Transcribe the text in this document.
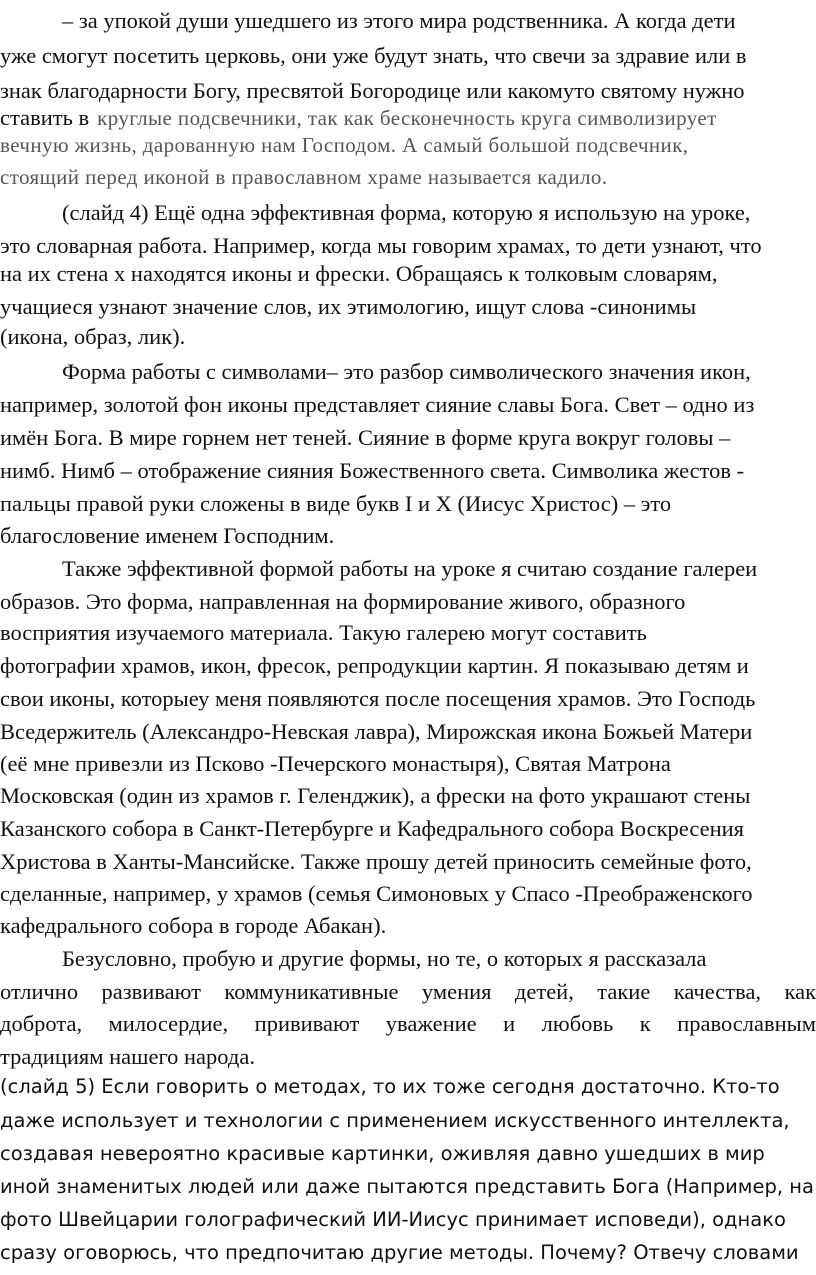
– за упокой души ушедшего из этого мира родственника. А когда дети
уже смогут посетить церковь, они уже будут знать, что свечи за здравие или в
знак благодарности Богу, пресвятой Богородице или какомуто святому нужно
ставить в круглые подсвечники, так как бесконечность круга символизирует
вечную жизнь, дарованную нам Господом. А самый большой подсвечник,
стоящий перед иконой в православном храме называется кадило.
(слайд 4) Ещё одна эффективная форма, которую я использую на уроке,
это словарная работа. Например, когда мы говорим храмах, то дети узнают, что
на их стена х находятся иконы и фрески. Обращаясь к толковым словарям,
учащиеся узнают значение слов, их этимологию, ищут слова -синонимы
(икона, образ, лик).
Форма работы с символами– это разбор символического значения икон,
например, золотой фон иконы представляет сияние славы Бога. Свет – одно из
имён Бога. В мире горнем нет теней. Сияние в форме круга вокруг головы –
нимб. Нимб – отображение сияния Божественного света. Символика жестов -
пальцы правой руки сложены в виде букв I и X (Иисус Христос) – это
благословение именем Господним.
Также эффективной формой работы на уроке я считаю создание галереи
образов. Это форма, направленная на формирование живого, образного
восприятия изучаемого материала. Такую галерею могут составить
фотографии храмов, икон, фресок, репродукции картин. Я показываю детям и
свои иконы, которыеу меня появляются после посещения храмов. Это Господь
Вседержитель (Александро-Невская лавра), Мирожская икона Божьей Матери
(её мне привезли из Псково -Печерского монастыря), Святая Матрона
Московская (один из храмов г. Геленджик), а фрески на фото украшают стены
Казанского собора в Санкт-Петербурге и Кафедрального собора Воскресения
Христова в Ханты-Мансийске. Также прошу детей приносить семейные фото,
сделанные, например, у храмов (семья Симоновых у Спасо -Преображенского
кафедрального собора в городе Абакан).
Безусловно, пробую и другие формы, но те, о которых я рассказала
отлично развивают коммуникативные умения детей, такие качества, как
доброта, милосердие, прививают уважение и любовь к православным
традициям нашего народа.
(слайд 5) Если говорить о методах, то их тоже сегодня достаточно. Кто-то
даже использует и технологии с применением искусственного интеллекта,
создавая невероятно красивые картинки, оживляя давно ушедших в мир
иной знаменитых людей или даже пытаются представить Бога (Например, на
фото Швейцарии голографический ИИ-Иисус принимает исповеди), однако
сразу оговорюсь, что предпочитаю другие методы. Почему? Отвечу словами
